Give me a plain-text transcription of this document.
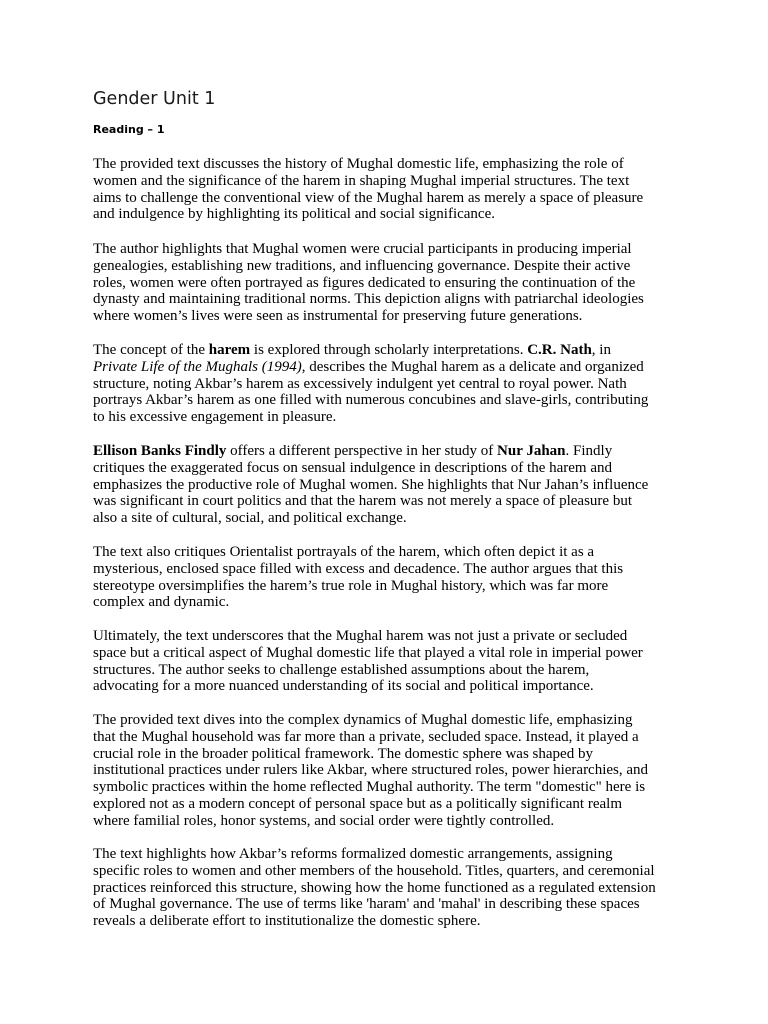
Gender Unit 1
Reading – 1
The provided text discusses the history of Mughal domestic life, emphasizing the role of
women and the significance of the harem in shaping Mughal imperial structures. The text
aims to challenge the conventional view of the Mughal harem as merely a space of pleasure
and indulgence by highlighting its political and social significance.
The author highlights that Mughal women were crucial participants in producing imperial
genealogies, establishing new traditions, and influencing governance. Despite their active
roles, women were often portrayed as figures dedicated to ensuring the continuation of the
dynasty and maintaining traditional norms. This depiction aligns with patriarchal ideologies
where women’s lives were seen as instrumental for preserving future generations.
The concept of the harem is explored through scholarly interpretations. C.R. Nath, in
Private Life of the Mughals (1994), describes the Mughal harem as a delicate and organized
structure, noting Akbar’s harem as excessively indulgent yet central to royal power. Nath
portrays Akbar’s harem as one filled with numerous concubines and slave-girls, contributing
to his excessive engagement in pleasure.
Ellison Banks Findly offers a different perspective in her study of Nur Jahan. Findly
critiques the exaggerated focus on sensual indulgence in descriptions of the harem and
emphasizes the productive role of Mughal women. She highlights that Nur Jahan’s influence
was significant in court politics and that the harem was not merely a space of pleasure but
also a site of cultural, social, and political exchange.
The text also critiques Orientalist portrayals of the harem, which often depict it as a
mysterious, enclosed space filled with excess and decadence. The author argues that this
stereotype oversimplifies the harem’s true role in Mughal history, which was far more
complex and dynamic.
Ultimately, the text underscores that the Mughal harem was not just a private or secluded
space but a critical aspect of Mughal domestic life that played a vital role in imperial power
structures. The author seeks to challenge established assumptions about the harem,
advocating for a more nuanced understanding of its social and political importance.
The provided text dives into the complex dynamics of Mughal domestic life, emphasizing
that the Mughal household was far more than a private, secluded space. Instead, it played a
crucial role in the broader political framework. The domestic sphere was shaped by
institutional practices under rulers like Akbar, where structured roles, power hierarchies, and
symbolic practices within the home reflected Mughal authority. The term "domestic" here is
explored not as a modern concept of personal space but as a politically significant realm
where familial roles, honor systems, and social order were tightly controlled.
The text highlights how Akbar’s reforms formalized domestic arrangements, assigning
specific roles to women and other members of the household. Titles, quarters, and ceremonial
practices reinforced this structure, showing how the home functioned as a regulated extension
of Mughal governance. The use of terms like 'haram' and 'mahal' in describing these spaces
reveals a deliberate effort to institutionalize the domestic sphere.
